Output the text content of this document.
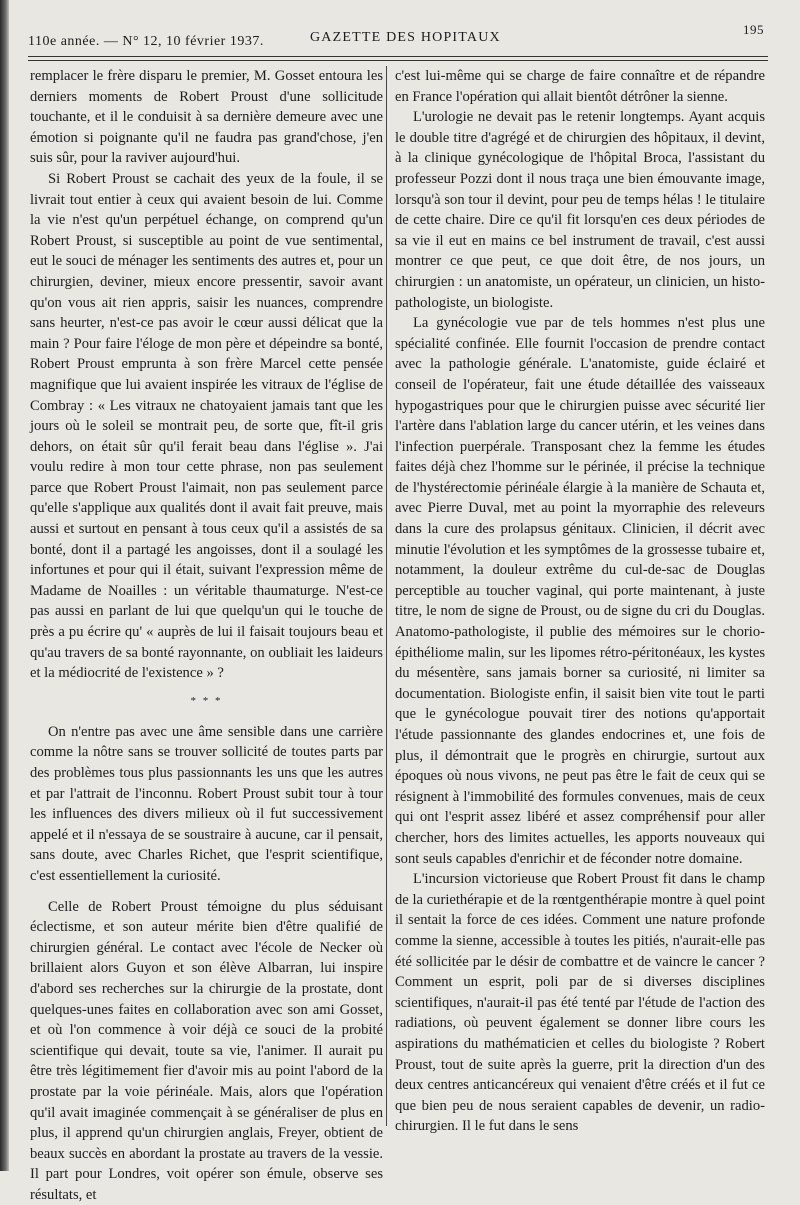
110e année. — N° 12, 10 février 1937.	GAZETTE DES HOPITAUX
195

remplacer le frère disparu le premier, M. Gosset entoura les derniers moments de Robert Proust d'une sollicitude touchante, et il le conduisit à sa dernière demeure avec une émotion si poignante qu'il ne faudra pas grand'chose, j'en suis sûr, pour la raviver aujourd'hui.

Si Robert Proust se cachait des yeux de la foule, il se livrait tout entier à ceux qui avaient besoin de lui. Comme la vie n'est qu'un perpétuel échange, on comprend qu'un Robert Proust, si susceptible au point de vue sentimental, eut le souci de ménager les sentiments des autres et, pour un chirurgien, deviner, mieux encore pressentir, savoir avant qu'on vous ait rien appris, saisir les nuances, comprendre sans heurter, n'est-ce pas avoir le cœur aussi délicat que la main ? Pour faire l'éloge de mon père et dépeindre sa bonté, Robert Proust emprunta à son frère Marcel cette pensée magnifique que lui avaient inspirée les vitraux de l'église de Combray : « Les vitraux ne chatoyaient jamais tant que les jours où le soleil se montrait peu, de sorte que, fît-il gris dehors, on était sûr qu'il ferait beau dans l'église ». J'ai voulu redire à mon tour cette phrase, non pas seulement parce que Robert Proust l'aimait, non pas seulement parce qu'elle s'applique aux qualités dont il avait fait preuve, mais aussi et surtout en pensant à tous ceux qu'il a assistés de sa bonté, dont il a partagé les angoisses, dont il a soulagé les infortunes et pour qui il était, suivant l'expression même de Madame de Noailles : un véritable thaumaturge. N'est-ce pas aussi en parlant de lui que quelqu'un qui le touche de près a pu écrire qu' « auprès de lui il faisait toujours beau et qu'au travers de sa bonté rayonnante, on oubliait les laideurs et la médiocrité de l'existence » ?

* * *

On n'entre pas avec une âme sensible dans une carrière comme la nôtre sans se trouver sollicité de toutes parts par des problèmes tous plus passionnants les uns que les autres et par l'attrait de l'inconnu. Robert Proust subit tour à tour les influences des divers milieux où il fut successivement appelé et il n'essaya de se soustraire à aucune, car il pensait, sans doute, avec Charles Richet, que l'esprit scientifique, c'est essentiellement la curiosité.

Celle de Robert Proust témoigne du plus séduisant éclectisme, et son auteur mérite bien d'être qualifié de chirurgien général. Le contact avec l'école de Necker où brillaient alors Guyon et son élève Albarran, lui inspire d'abord ses recherches sur la chirurgie de la prostate, dont quelques-unes faites en collaboration avec son ami Gosset, et où l'on commence à voir déjà ce souci de la probité scientifique qui devait, toute sa vie, l'animer. Il aurait pu être très légitimement fier d'avoir mis au point l'abord de la prostate par la voie périnéale. Mais, alors que l'opération qu'il avait imaginée commençait à se généraliser de plus en plus, il apprend qu'un chirurgien anglais, Freyer, obtient de beaux succès en abordant la prostate au travers de la vessie. Il part pour Londres, voit opérer son émule, observe ses résultats, et

c'est lui-même qui se charge de faire connaître et de répandre en France l'opération qui allait bientôt détrôner la sienne.

L'urologie ne devait pas le retenir longtemps. Ayant acquis le double titre d'agrégé et de chirurgien des hôpitaux, il devint, à la clinique gynécologique de l'hôpital Broca, l'assistant du professeur Pozzi dont il nous traça une bien émouvante image, lorsqu'à son tour il devint, pour peu de temps hélas ! le titulaire de cette chaire. Dire ce qu'il fit lorsqu'en ces deux périodes de sa vie il eut en mains ce bel instrument de travail, c'est aussi montrer ce que peut, ce que doit être, de nos jours, un chirurgien : un anatomiste, un opérateur, un clinicien, un histo-pathologiste, un biologiste.

La gynécologie vue par de tels hommes n'est plus une spécialité confinée. Elle fournit l'occasion de prendre contact avec la pathologie générale. L'anatomiste, guide éclairé et conseil de l'opérateur, fait une étude détaillée des vaisseaux hypogastriques pour que le chirurgien puisse avec sécurité lier l'artère dans l'ablation large du cancer utérin, et les veines dans l'infection puerpérale. Transposant chez la femme les études faites déjà chez l'homme sur le périnée, il précise la technique de l'hystérectomie périnéale élargie à la manière de Schauta et, avec Pierre Duval, met au point la myorraphie des releveurs dans la cure des prolapsus génitaux. Clinicien, il décrit avec minutie l'évolution et les symptômes de la grossesse tubaire et, notamment, la douleur extrême du cul-de-sac de Douglas perceptible au toucher vaginal, qui porte maintenant, à juste titre, le nom de signe de Proust, ou de signe du cri du Douglas. Anatomo-pathologiste, il publie des mémoires sur le chorio-épithéliome malin, sur les lipomes rétro-péritonéaux, les kystes du mésentère, sans jamais borner sa curiosité, ni limiter sa documentation. Biologiste enfin, il saisit bien vite tout le parti que le gynécologue pouvait tirer des notions qu'apportait l'étude passionnante des glandes endocrines et, une fois de plus, il démontrait que le progrès en chirurgie, surtout aux époques où nous vivons, ne peut pas être le fait de ceux qui se résignent à l'immobilité des formules convenues, mais de ceux qui ont l'esprit assez libéré et assez compréhensif pour aller chercher, hors des limites actuelles, les apports nouveaux qui sont seuls capables d'enrichir et de féconder notre domaine.

L'incursion victorieuse que Robert Proust fit dans le champ de la curiethérapie et de la rœntgenthérapie montre à quel point il sentait la force de ces idées. Comment une nature profonde comme la sienne, accessible à toutes les pitiés, n'aurait-elle pas été sollicitée par le désir de combattre et de vaincre le cancer ? Comment un esprit, poli par de si diverses disciplines scientifiques, n'aurait-il pas été tenté par l'étude de l'action des radiations, où peuvent également se donner libre cours les aspirations du mathématicien et celles du biologiste ? Robert Proust, tout de suite après la guerre, prit la direction d'un des deux centres anticancéreux qui venaient d'être créés et il fut ce que bien peu de nous seraient capables de devenir, un radio-chirurgien. Il le fut dans le sens
